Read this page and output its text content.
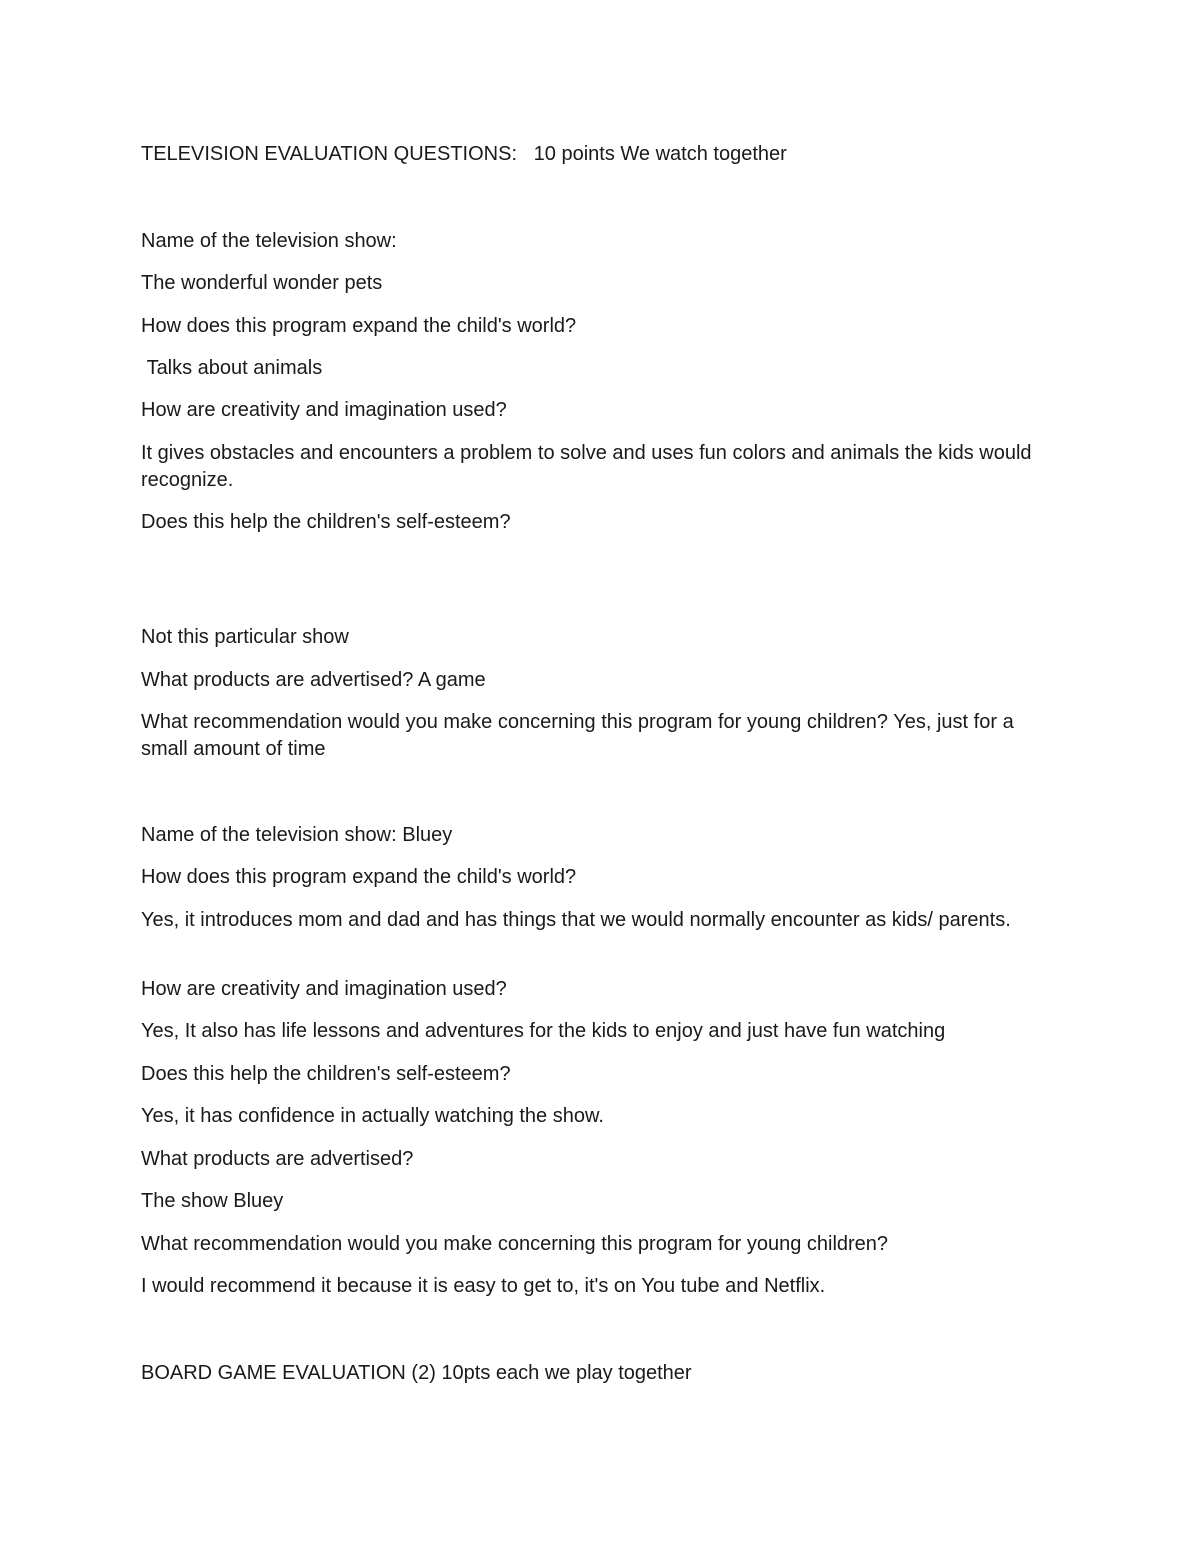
TELEVISION EVALUATION QUESTIONS:   10 points We watch together

Name of the television show:

The wonderful wonder pets

How does this program expand the child's world?

Talks about animals

How are creativity and imagination used?

It gives obstacles and encounters a problem to solve and uses fun colors and animals the kids would recognize.

Does this help the children's self-esteem?

Not this particular show

What products are advertised? A game

What recommendation would you make concerning this program for young children? Yes, just for a small amount of time

Name of the television show: Bluey

How does this program expand the child's world?

Yes, it introduces mom and dad and has things that we would normally encounter as kids/ parents.

How are creativity and imagination used?

Yes, It also has life lessons and adventures for the kids to enjoy and just have fun watching

Does this help the children's self-esteem?

Yes, it has confidence in actually watching the show.

What products are advertised?

The show Bluey

What recommendation would you make concerning this program for young children?

I would recommend it because it is easy to get to, it's on You tube and Netflix.

BOARD GAME EVALUATION (2) 10pts each we play together
